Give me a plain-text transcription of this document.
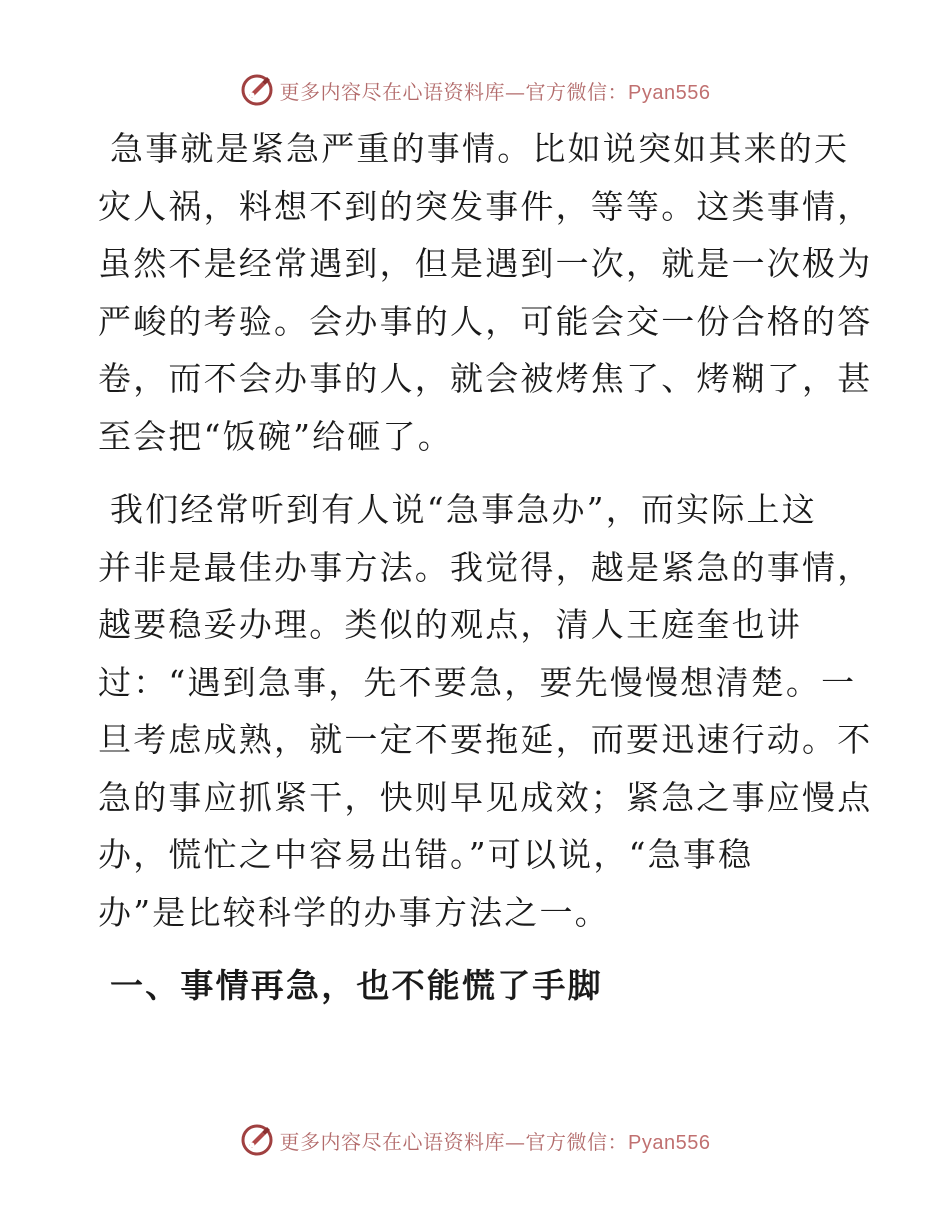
更多内容尽在心语资料库—官方微信：Pyan556

急事就是紧急严重的事情。比如说突如其来的天
灾人祸，料想不到的突发事件，等等。这类事情，
虽然不是经常遇到，但是遇到一次，就是一次极为
严峻的考验。会办事的人，可能会交一份合格的答
卷，而不会办事的人，就会被烤焦了、烤糊了，甚
至会把“饭碗”给砸了。

我们经常听到有人说“急事急办”，而实际上这
并非是最佳办事方法。我觉得，越是紧急的事情，
越要稳妥办理。类似的观点，清人王庭奎也讲
过：“遇到急事，先不要急，要先慢慢想清楚。一
旦考虑成熟，就一定不要拖延，而要迅速行动。不
急的事应抓紧干，快则早见成效；紧急之事应慢点
办，慌忙之中容易出错。”可以说，“急事稳
办”是比较科学的办事方法之一。

一、事情再急，也不能慌了手脚
更多内容尽在心语资料库—官方微信：Pyan556
